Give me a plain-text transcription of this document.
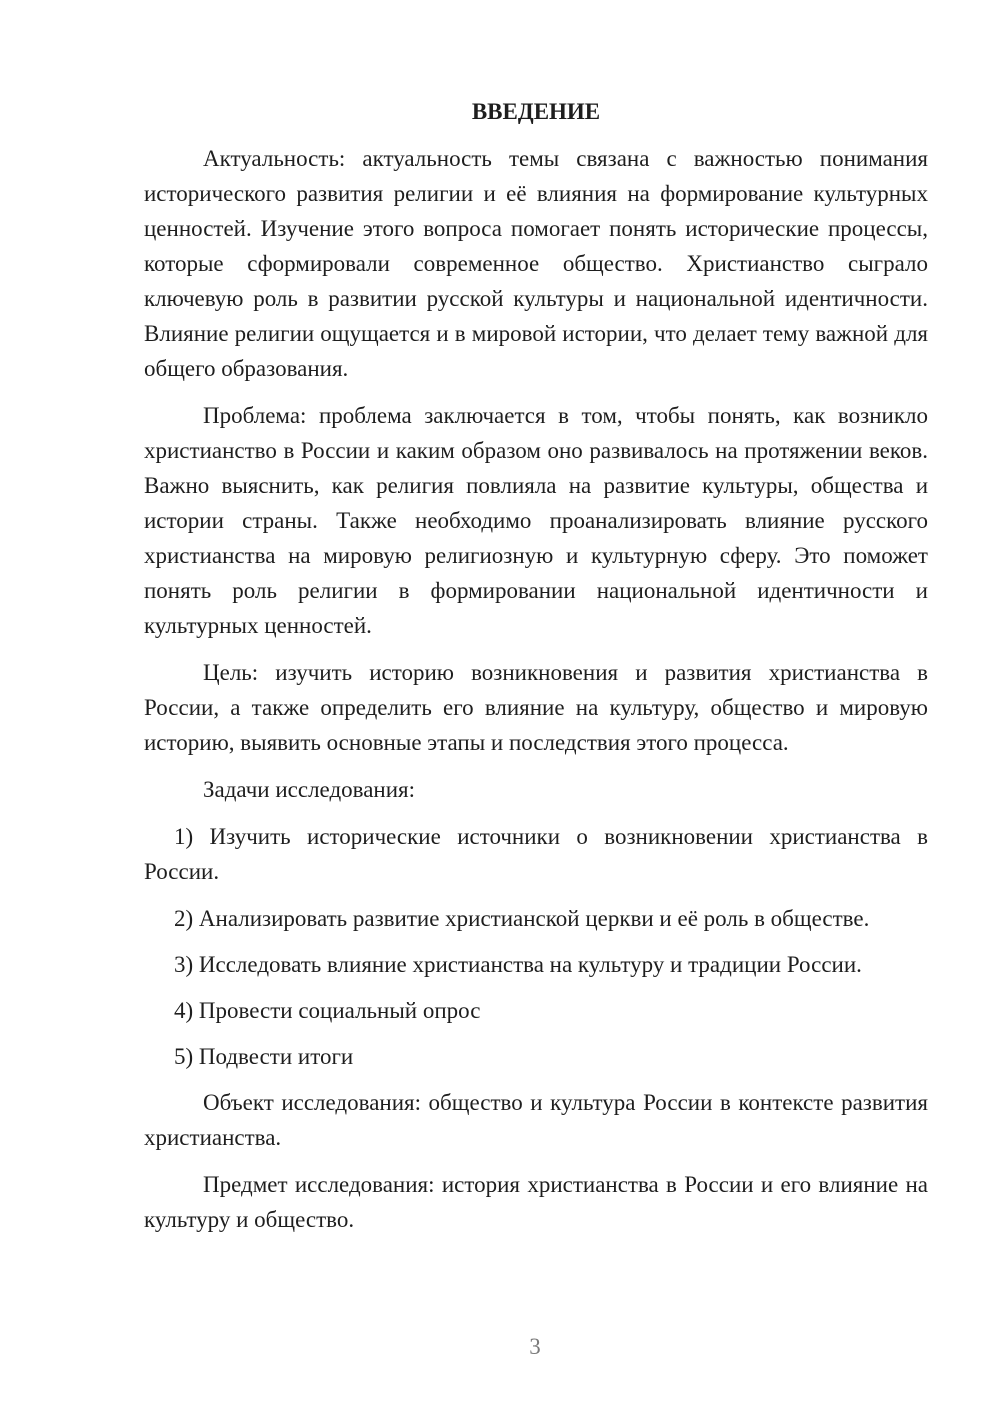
ВВЕДЕНИЕ

Актуальность: актуальность темы связана с важностью понимания исторического развития религии и её влияния на формирование культурных ценностей. Изучение этого вопроса помогает понять исторические процессы, которые сформировали современное общество. Христианство сыграло ключевую роль в развитии русской культуры и национальной идентичности. Влияние религии ощущается и в мировой истории, что делает тему важной для общего образования.

Проблема: проблема заключается в том, чтобы понять, как возникло христианство в России и каким образом оно развивалось на протяжении веков. Важно выяснить, как религия повлияла на развитие культуры, общества и истории страны. Также необходимо проанализировать влияние русского христианства на мировую религиозную и культурную сферу. Это поможет понять роль религии в формировании национальной идентичности и культурных ценностей.

Цель: изучить историю возникновения и развития христианства в России, а также определить его влияние на культуру, общество и мировую историю, выявить основные этапы и последствия этого процесса.

Задачи исследования:

1) Изучить исторические источники о возникновении христианства в России.

2) Анализировать развитие христианской церкви и её роль в обществе.

3) Исследовать влияние христианства на культуру и традиции России.

4) Провести социальный опрос

5) Подвести итоги

Объект исследования: общество и культура России в контексте развития христианства.

Предмет исследования: история христианства в России и его влияние на культуру и общество.

3
